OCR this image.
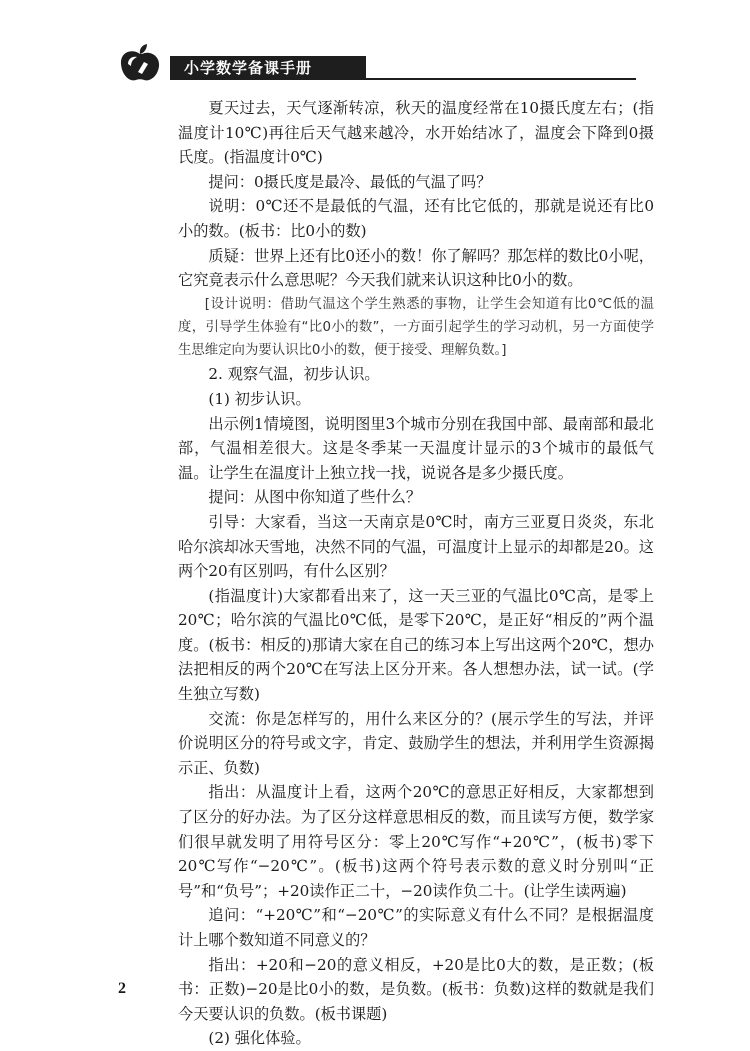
小学数学备课手册

夏天过去，天气逐渐转凉，秋天的温度经常在10摄氏度左右；(指温度计10℃)再往后天气越来越冷，水开始结冰了，温度会下降到0摄氏度。(指温度计0℃)

提问：0摄氏度是最冷、最低的气温了吗？

说明：0℃还不是最低的气温，还有比它低的，那就是说还有比0小的数。(板书：比0小的数)

质疑：世界上还有比0还小的数！你了解吗？那怎样的数比0小呢，它究竟表示什么意思呢？今天我们就来认识这种比0小的数。

[设计说明：借助气温这个学生熟悉的事物，让学生会知道有比0℃低的温度，引导学生体验有“比0小的数”，一方面引起学生的学习动机，另一方面使学生思维定向为要认识比0小的数，便于接受、理解负数。]

2. 观察气温，初步认识。

(1) 初步认识。

出示例1情境图，说明图里3个城市分别在我国中部、最南部和最北部，气温相差很大。这是冬季某一天温度计显示的3个城市的最低气温。让学生在温度计上独立找一找，说说各是多少摄氏度。

提问：从图中你知道了些什么？

引导：大家看，当这一天南京是0℃时，南方三亚夏日炎炎，东北哈尔滨却冰天雪地，决然不同的气温，可温度计上显示的却都是20。这两个20有区别吗，有什么区别？

(指温度计)大家都看出来了，这一天三亚的气温比0℃高，是零上20℃；哈尔滨的气温比0℃低，是零下20℃，是正好“相反的”两个温度。(板书：相反的)那请大家在自己的练习本上写出这两个20℃，想办法把相反的两个20℃在写法上区分开来。各人想想办法，试一试。(学生独立写数)

交流：你是怎样写的，用什么来区分的？(展示学生的写法，并评价说明区分的符号或文字，肯定、鼓励学生的想法，并利用学生资源揭示正、负数)

指出：从温度计上看，这两个20℃的意思正好相反，大家都想到了区分的好办法。为了区分这样意思相反的数，而且读写方便，数学家们很早就发明了用符号区分：零上20℃写作“+20℃”，(板书)零下20℃写作“−20℃”。(板书)这两个符号表示数的意义时分别叫“正号”和“负号”；+20读作正二十，−20读作负二十。(让学生读两遍)

追问：“+20℃”和“−20℃”的实际意义有什么不同？是根据温度计上哪个数知道不同意义的？

指出：+20和−20的意义相反，+20是比0大的数，是正数；(板书：正数)−20是比0小的数，是负数。(板书：负数)这样的数就是我们今天要认识的负数。(板书课题)

(2) 强化体验。

2
